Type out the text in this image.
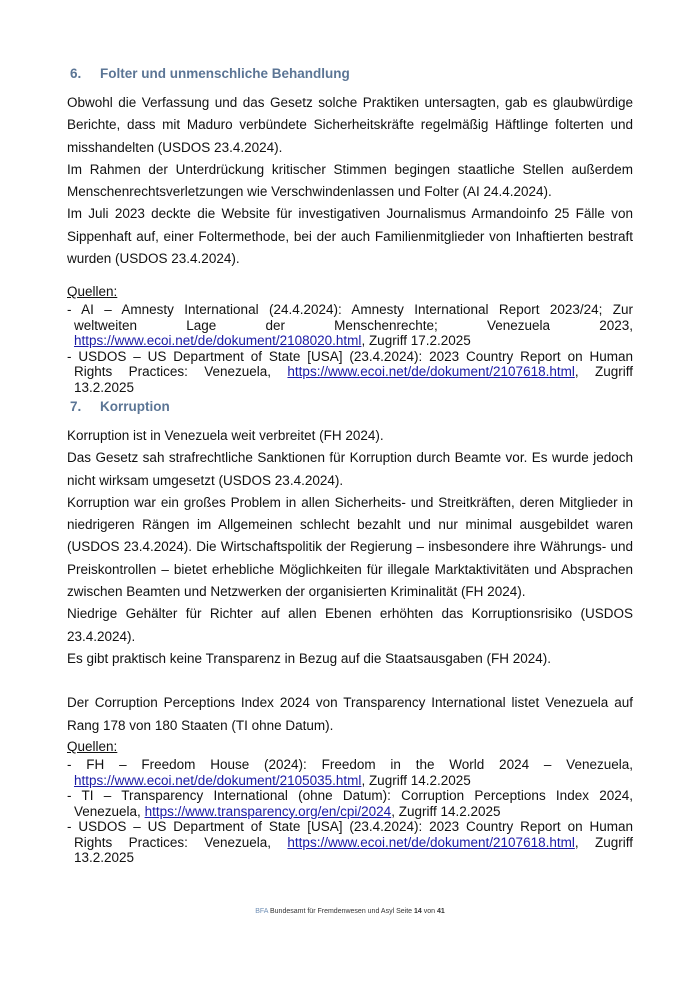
6. Folter und unmenschliche Behandlung

Obwohl die Verfassung und das Gesetz solche Praktiken untersagten, gab es glaubwürdige Berichte, dass mit Maduro verbündete Sicherheitskräfte regelmäßig Häftlinge folterten und misshandelten (USDOS 23.4.2024).

Im Rahmen der Unterdrückung kritischer Stimmen begingen staatliche Stellen außerdem Menschenrechtsverletzungen wie Verschwindenlassen und Folter (AI 24.4.2024).

Im Juli 2023 deckte die Website für investigativen Journalismus Armandoinfo 25 Fälle von Sippenhaft auf, einer Foltermethode, bei der auch Familienmitglieder von Inhaftierten bestraft wurden (USDOS 23.4.2024).

Quellen:

- AI – Amnesty International (24.4.2024): Amnesty International Report 2023/24; Zur weltweiten Lage der Menschenrechte; Venezuela 2023, https://www.ecoi.net/de/dokument/2108020.html, Zugriff 17.2.2025
- USDOS – US Department of State [USA] (23.4.2024): 2023 Country Report on Human Rights Practices: Venezuela, https://www.ecoi.net/de/dokument/2107618.html, Zugriff 13.2.2025
7. Korruption

Korruption ist in Venezuela weit verbreitet (FH 2024).

Das Gesetz sah strafrechtliche Sanktionen für Korruption durch Beamte vor. Es wurde jedoch nicht wirksam umgesetzt (USDOS 23.4.2024).

Korruption war ein großes Problem in allen Sicherheits- und Streitkräften, deren Mitglieder in niedrigeren Rängen im Allgemeinen schlecht bezahlt und nur minimal ausgebildet waren (USDOS 23.4.2024). Die Wirtschaftspolitik der Regierung – insbesondere ihre Währungs- und Preiskontrollen – bietet erhebliche Möglichkeiten für illegale Marktaktivitäten und Absprachen zwischen Beamten und Netzwerken der organisierten Kriminalität (FH 2024).

Niedrige Gehälter für Richter auf allen Ebenen erhöhten das Korruptionsrisiko (USDOS 23.4.2024).

Es gibt praktisch keine Transparenz in Bezug auf die Staatsausgaben (FH 2024).

Der Corruption Perceptions Index 2024 von Transparency International listet Venezuela auf Rang 178 von 180 Staaten (TI ohne Datum).

Quellen:

- FH – Freedom House (2024): Freedom in the World 2024 – Venezuela, https://www.ecoi.net/de/dokument/2105035.html, Zugriff 14.2.2025
- TI – Transparency International (ohne Datum): Corruption Perceptions Index 2024, Venezuela, https://www.transparency.org/en/cpi/2024, Zugriff 14.2.2025
- USDOS – US Department of State [USA] (23.4.2024): 2023 Country Report on Human Rights Practices: Venezuela, https://www.ecoi.net/de/dokument/2107618.html, Zugriff 13.2.2025
BFA Bundesamt für Fremdenwesen und Asyl Seite 14 von 41
